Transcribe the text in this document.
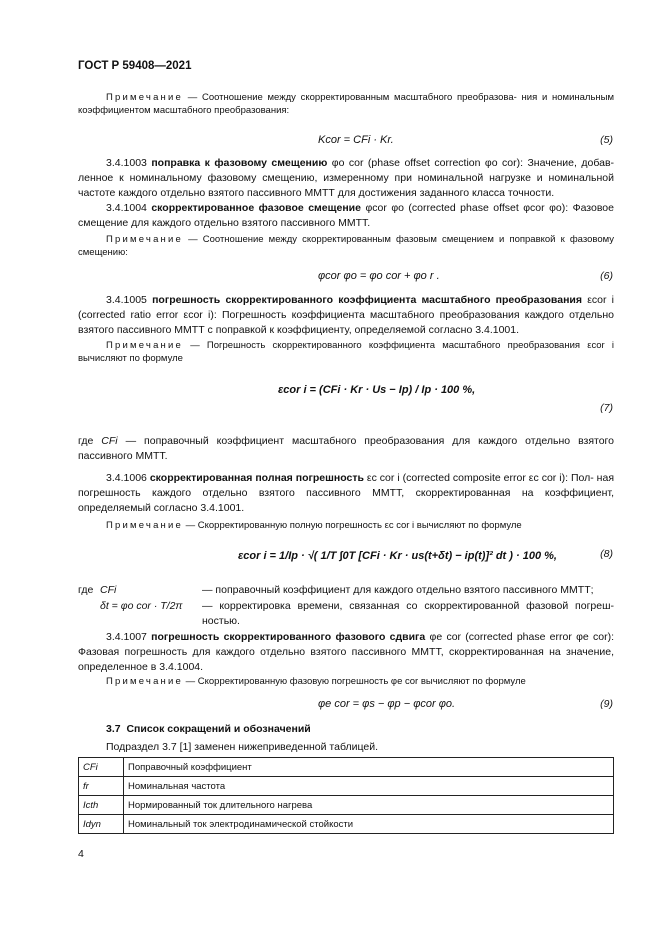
ГОСТ Р 59408—2021
Примечание — Соотношение между скорректированным масштабного преобразова- ния и номинальным коэффициентом масштабного преобразования:
Kcor = CFi · Kr.	(5)
3.4.1003 поправка к фазовому смещению φo cor (phase offset correction φo cor): Значение, добав- ленное к номинальному фазовому смещению, измеренному при номинальной нагрузке и номинальной частоте каждого отдельно взятого пассивного ММТТ для достижения заданного класса точности.
3.4.1004 скорректированное фазовое смещение φcor φo (corrected phase offset φcor φo): Фазовое смещение для каждого отдельно взятого пассивного ММТТ.
Примечание — Соотношение между скорректированным фазовым смещением и поправкой к фазовому смещению:
φcor φo = φo cor + φo r .	(6)
3.4.1005 погрешность скорректированного коэффициента масштабного преобразования εcor i (corrected ratio error εcor i): Погрешность коэффициента масштабного преобразования каждого отдельно взятого пассивного ММТТ с поправкой к коэффициенту, определяемой согласно 3.4.1001.
Примечание — Погрешность скорректированного коэффициента масштабного преобразования εcor i вычисляют по формуле
εcor i = (CFi · Kr · Us − Ip) / Ip · 100 %,
(7)
где CFi — поправочный коэффициент масштабного преобразования для каждого отдельно взятого пассивного ММТТ.
3.4.1006 скорректированная полная погрешность εc cor i (corrected composite error εc cor i): Пол- ная погрешность каждого отдельно взятого пассивного ММТТ, скорректированная на коэффициент, определяемый согласно 3.4.1001.
Примечание — Скорректированную полную погрешность εc cor i вычисляют по формуле
εcor i = 1/Ip · √( 1/T ∫0T [CFi · Kr · us(t+δt) − ip(t)]² dt ) · 100 %,	(8)
где CFi	— поправочный коэффициент для каждого отдельно взятого пассивного ММТТ;
δt = φo cor · T/2π — корректировка времени, связанная со скорректированной фазовой погреш- ностью.
3.4.1007 погрешность скорректированного фазового сдвига φe cor (corrected phase error φe cor): Фазовая погрешность для каждого отдельно взятого пассивного ММТТ, скорректированная на значение, определенное в 3.4.1004.
Примечание — Скорректированную фазовую погрешность φe cor вычисляют по формуле
φe cor = φs − φp − φcor φo.	(9)
3.7 Список сокращений и обозначений
Подраздел 3.7 [1] заменен нижеприведенной таблицей.
CFi	Поправочный коэффициент
fr	Номинальная частота
Icth	Нормированный ток длительного нагрева
Idyn	Номинальный ток электродинамической стойкости
4
